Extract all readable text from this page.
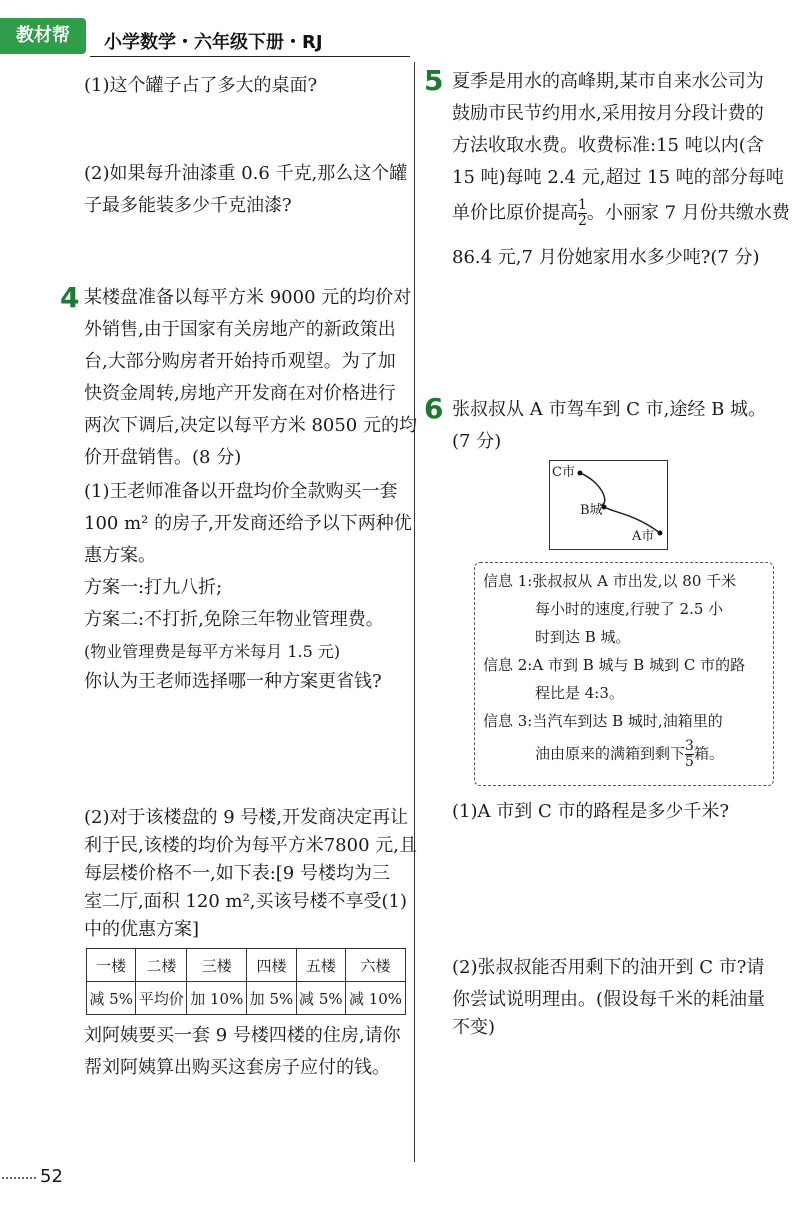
教材帮	小学数学・六年级下册・RJ
(1)这个罐子占了多大的桌面?
(2)如果每升油漆重 0.6 千克,那么这个罐
子最多能装多少千克油漆?
4 某楼盘准备以每平方米 9000 元的均价对
外销售,由于国家有关房地产的新政策出
台,大部分购房者开始持币观望。为了加
快资金周转,房地产开发商在对价格进行
两次下调后,决定以每平方米 8050 元的均
价开盘销售。(8 分)
(1)王老师准备以开盘均价全款购买一套
100 m² 的房子,开发商还给予以下两种优
惠方案。
方案一:打九八折;
方案二:不打折,免除三年物业管理费。
(物业管理费是每平方米每月 1.5 元)
你认为王老师选择哪一种方案更省钱?
(2)对于该楼盘的 9 号楼,开发商决定再让
利于民,该楼的均价为每平方米7800 元,且
每层楼价格不一,如下表:[9 号楼均为三
室二厅,面积 120 m²,买该号楼不享受(1)
中的优惠方案]
一楼	二楼	三楼	四楼	五楼	六楼
减 5%	平均价	加 10%	加 5%	减 5%	减 10%
刘阿姨要买一套 9 号楼四楼的住房,请你
帮刘阿姨算出购买这套房子应付的钱。
5 夏季是用水的高峰期,某市自来水公司为
鼓励市民节约用水,采用按月分段计费的
方法收取水费。收费标准:15 吨以内(含
15 吨)每吨 2.4 元,超过 15 吨的部分每吨
单价比原价提高 $\frac{1}{2}$ 。小丽家 7 月份共缴水费
86.4 元,7 月份她家用水多少吨?(7 分)
6 张叔叔从 A 市驾车到 C 市,途经 B 城。
(7 分)
C市
B城
A市
信息 1:张叔叔从 A 市出发,以 80 千米
每小时的速度,行驶了 2.5 小
时到达 B 城。
信息 2:A 市到 B 城与 B 城到 C 市的路
程比是 4:3。
信息 3:当汽车到达 B 城时,油箱里的
油由原来的满箱到剩下 $\frac{3}{5}$ 箱。
(1)A 市到 C 市的路程是多少千米?
(2)张叔叔能否用剩下的油开到 C 市?请
你尝试说明理由。(假设每千米的耗油量
不变)
52
